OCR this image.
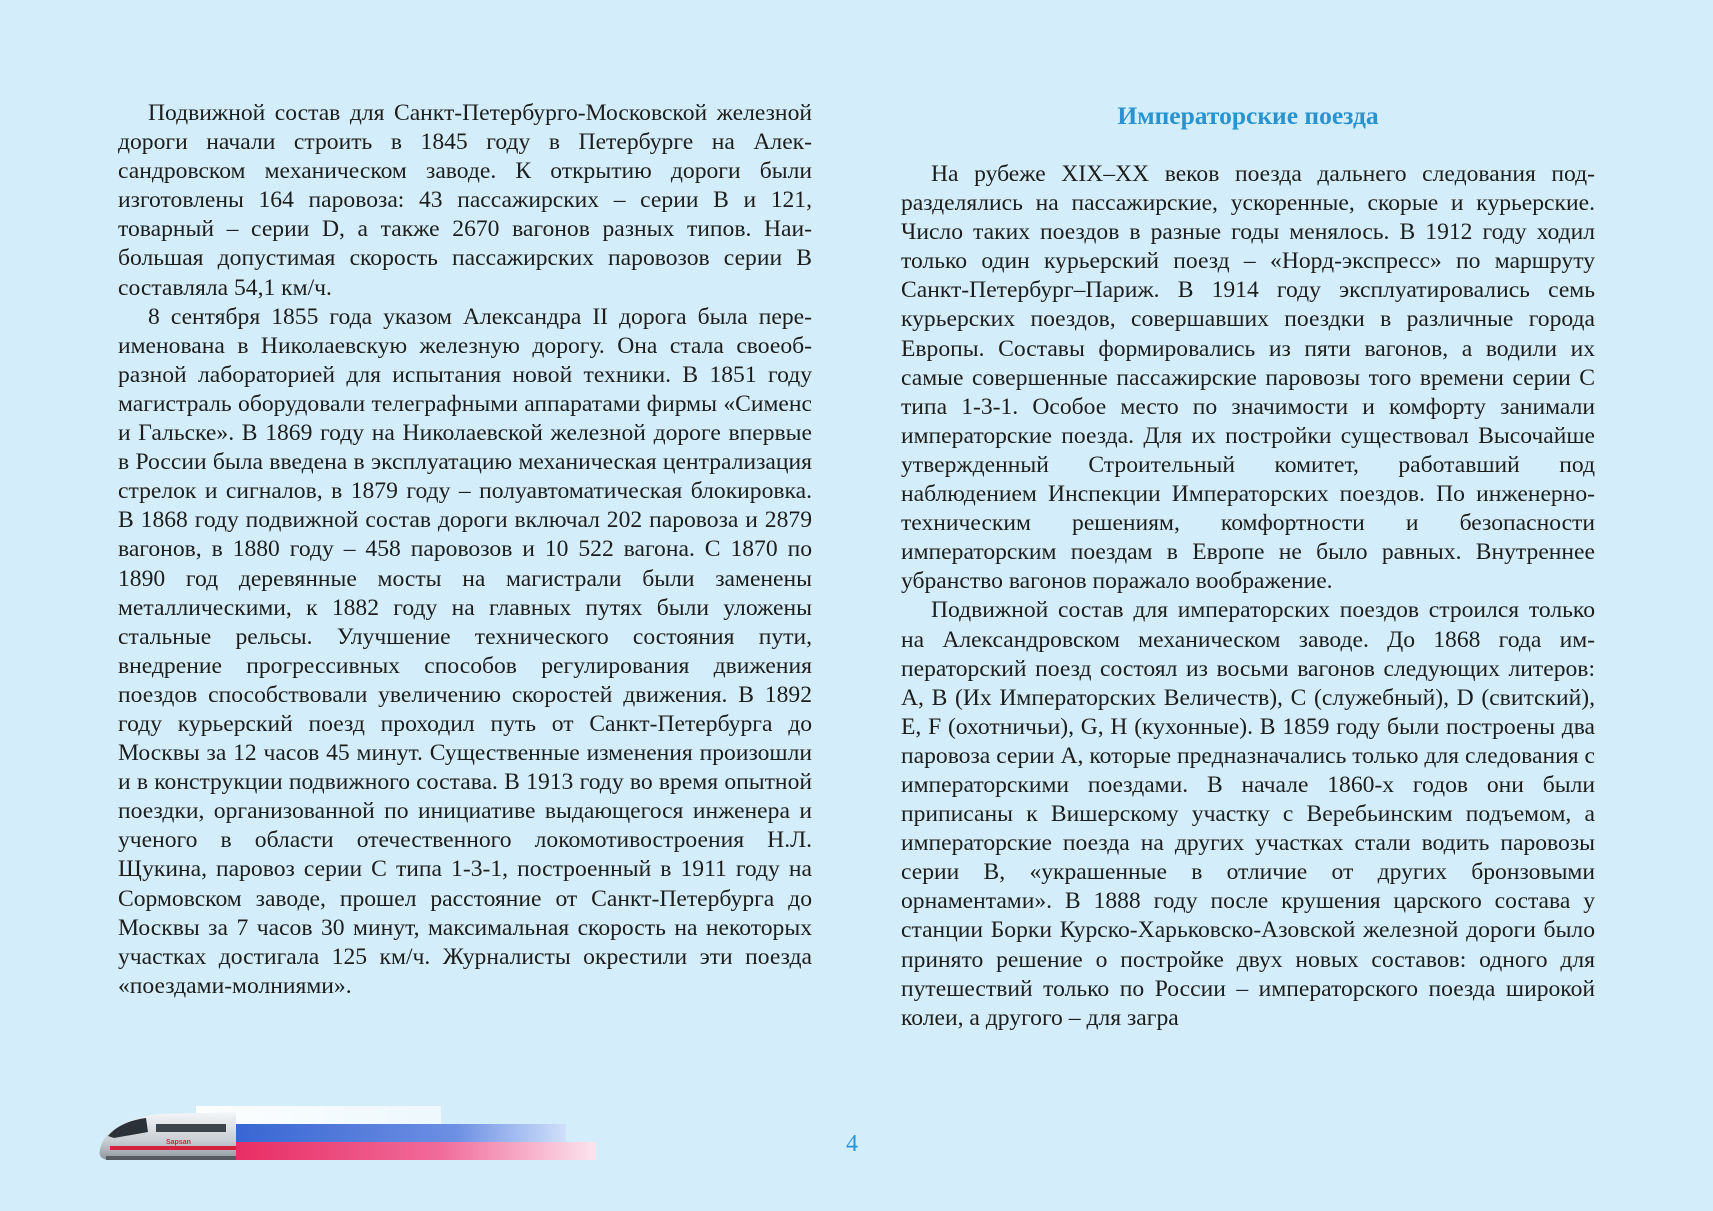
Подвижной состав для Санкт-Петербурго-Московской железной дороги начали строить в 1845 году в Петербурге на Александровском механическом заводе. К открытию дороги были изготовлены 164 паровоза: 43 пассажирских – серии В и 121, товарный – серии D, а также 2670 вагонов разных типов. Наибольшая допустимая скорость пассажирских паровозов серии В составляла 54,1 км/ч.

8 сентября 1855 года указом Александра II дорога была переименована в Николаевскую железную дорогу. Она стала своеобразной лабораторией для испытания новой техники. В 1851 году магистраль оборудовали телеграфными аппаратами фирмы «Сименс и Гальске». В 1869 году на Николаевской железной дороге впервые в России была введена в эксплуатацию механическая централизация стрелок и сигналов, в 1879 году – полуавтоматическая блокировка. В 1868 году подвижной состав дороги включал 202 паровоза и 2879 вагонов, в 1880 году – 458 паровозов и 10 522 вагона. С 1870 по 1890 год деревянные мосты на магистрали были заменены металлическими, к 1882 году на главных путях были уложены стальные рельсы. Улучшение технического состояния пути, внедрение прогрессивных способов регулирования движения поездов способствовали увеличению скоростей движения. В 1892 году курьерский поезд проходил путь от Санкт-Петербурга до Москвы за 12 часов 45 минут. Существенные изменения произошли и в конструкции подвижного состава. В 1913 году во время опытной поездки, организованной по инициативе выдающегося инженера и ученого в области отечественного локомотивостроения Н.Л. Щукина, паровоз серии С типа 1-3-1, построенный в 1911 году на Сормовском заводе, прошел расстояние от Санкт-Петербурга до Москвы за 7 часов 30 минут, максимальная скорость на некоторых участках достигала 125 км/ч. Журналисты окрестили эти поезда «поездами-молниями».

Императорские поезда

На рубеже XIX–XX веков поезда дальнего следования подразделялись на пассажирские, ускоренные, скорые и курьерские. Число таких поездов в разные годы менялось. В 1912 году ходил только один курьерский поезд – «Норд-экспресс» по маршруту Санкт-Петербург–Париж. В 1914 году эксплуатировались семь курьерских поездов, совершавших поездки в различные города Европы. Составы формировались из пяти вагонов, а водили их самые совершенные пассажирские паровозы того времени серии С типа 1-3-1. Особое место по значимости и комфорту занимали императорские поезда. Для их постройки существовал Высочайше утвержденный Строительный комитет, работавший под наблюдением Инспекции Императорских поездов. По инженерно-техническим решениям, комфортности и безопасности императорским поездам в Европе не было равных. Внутреннее убранство вагонов поражало воображение.

Подвижной состав для императорских поездов строился только на Александровском механическом заводе. До 1868 года императорский поезд состоял из восьми вагонов следующих литеров: А, В (Их Императорских Величеств), С (служебный), D (свитский), Е, F (охотничьи), G, Н (кухонные). В 1859 году были построены два паровоза серии А, которые предназначались только для следования с императорскими поездами. В начале 1860-х годов они были приписаны к Вишерскому участку с Веребьинским подъемом, а императорские поезда на других участках стали водить паровозы серии В, «украшенные в отличие от других бронзовыми орнаментами». В 1888 году после крушения царского состава у станции Борки Курско-Харьковско-Азовской железной дороги было принято решение о постройке двух новых составов: одного для путешествий только по России – императорского поезда широкой колеи, а другого – для загра

Sapsan	4
